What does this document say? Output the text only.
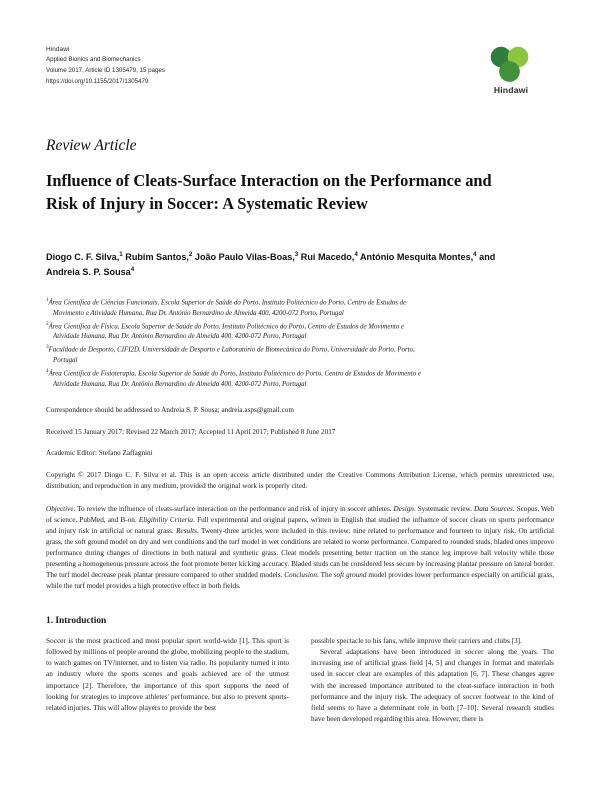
Hindawi
Applied Bionics and Biomechanics
Volume 2017, Article ID 1305479, 15 pages
https://doi.org/10.1155/2017/1305479
Hindawi
Review Article
Influence of Cleats-Surface Interaction on the Performance and Risk of Injury in Soccer: A Systematic Review
Diogo C. F. Silva,$^1$ Rubim Santos,$^2$ João Paulo Vilas-Boas,$^3$ Rui Macedo,$^4$ António Mesquita Montes,$^4$ and Andreia S. P. Sousa$^4$
$^1$Área Científica de Ciências Funcionais, Escola Superior de Saúde do Porto, Instituto Politécnico do Porto, Centro de Estudos de
Movimento e Atividade Humana, Rua Dr. António Bernardino de Almeida 400, 4200-072 Porto, Portugal
$^2$Área Científica de Física, Escola Superior de Saúde do Porto, Instituto Politécnico do Porto, Centro de Estudos de Movimento e
Atividade Humana, Rua Dr. António Bernardino de Almeida 400, 4200-072 Porto, Portugal
$^3$Faculdade de Desporto, CIFI2D, Universidade de Desporto e Laboratório de Biomecânica do Porto, Universidade do Porto, Porto,
Portugal
$^4$Área Científica de Fisioterapia, Escola Superior de Saúde do Porto, Instituto Politécnico do Porto, Centro de Estudos de Movimento e
Atividade Humana, Rua Dr. António Bernardino de Almeida 400, 4200-072 Porto, Portugal
Correspondence should be addressed to Andreia S. P. Sousa; andreia.asps@gmail.com
Received 15 January 2017; Revised 22 March 2017; Accepted 11 April 2017; Published 8 June 2017
Academic Editor: Stefano Zaffagnini
Copyright © 2017 Diogo C. F. Silva et al. This is an open access article distributed under the Creative Commons Attribution License, which permits unrestricted use, distribution, and reproduction in any medium, provided the original work is properly cited.
Objective. To review the influence of cleats-surface interaction on the performance and risk of injury in soccer athletes. Design. Systematic review. Data Sources. Scopus, Web of science, PubMed, and B-on. Eligibility Criteria. Full experimental and original papers, written in English that studied the influence of soccer cleats on sports performance and injury risk in artificial or natural grass. Results. Twenty-three articles were included in this review: nine related to performance and fourteen to injury risk. On artificial grass, the soft ground model on dry and wet conditions and the turf model in wet conditions are related to worse performance. Compared to rounded studs, bladed ones improve performance during changes of directions in both natural and synthetic grass. Cleat models presenting better traction on the stance leg improve ball velocity while those presenting a homogeneous pressure across the foot promote better kicking accuracy. Bladed studs can be considered less secure by increasing plantar pressure on lateral border. The turf model decrease peak plantar pressure compared to other studded models. Conclusion. The soft ground model provides lower performance especially on artificial grass, while the turf model provides a high protective effect in both fields.
1. Introduction

Soccer is the most practiced and most popular sport world-wide [1]. This sport is followed by millions of people around the globe, mobilizing people to the stadium, to watch games on TV/internet, and to listen via radio. Its popularity turned it into an industry where the sports scenes and goals achieved are of the utmost importance [2]. Therefore, the importance of this sport supports the need of looking for strategies to improve athletes' performance, but also to prevent sports-related injuries. This will allow players to provide the best

possible spectacle to his fans, while improve their carriers and clubs [3].

Several adaptations have been introduced in soccer along the years. The increasing use of artificial grass field [4, 5] and changes in format and materials used in soccer cleat are examples of this adaptation [6, 7]. These changes agree with the increased importance attributed to the cleat-surface interaction in both performance and the injury risk. The adequacy of soccer footwear to the kind of field seems to have a determinant role in both [7–10]. Several research studies have been developed regarding this area. However, there is
